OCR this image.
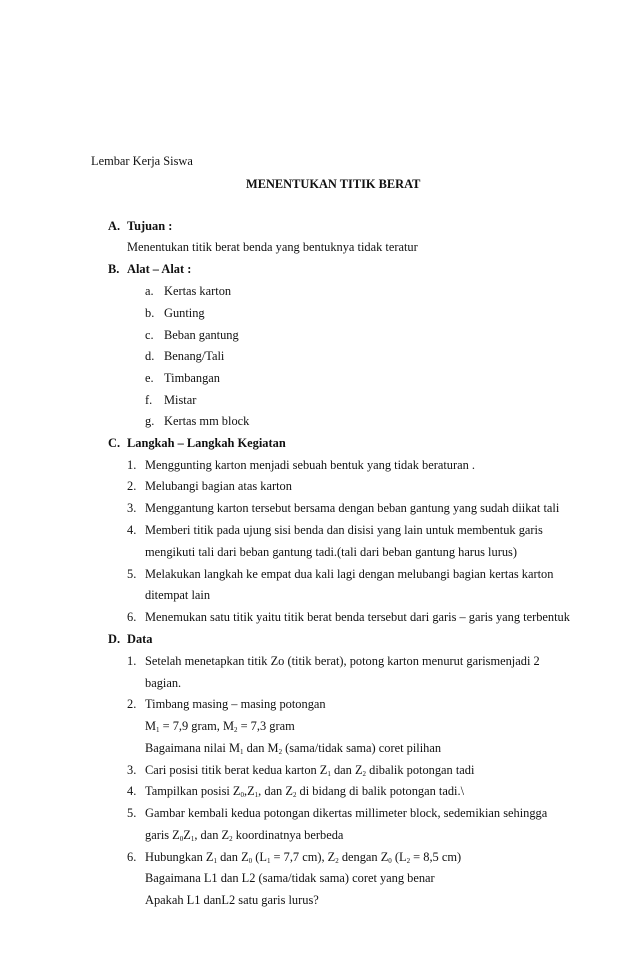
Lembar Kerja Siswa
MENENTUKAN TITIK BERAT
A. Tujuan :
Menentukan titik berat benda yang bentuknya tidak teratur
B. Alat – Alat :
a. Kertas karton
b. Gunting
c. Beban gantung
d. Benang/Tali
e. Timbangan
f. Mistar
g. Kertas mm block
C. Langkah – Langkah Kegiatan
1. Menggunting karton menjadi sebuah bentuk yang tidak beraturan .
2. Melubangi bagian atas karton
3. Menggantung karton tersebut bersama dengan beban gantung yang sudah diikat tali
4. Memberi titik pada ujung sisi benda dan disisi yang lain untuk membentuk garis
mengikuti tali dari beban gantung tadi.(tali dari beban gantung harus lurus)
5. Melakukan langkah ke empat dua kali lagi dengan melubangi bagian kertas karton
ditempat lain
6. Menemukan satu titik yaitu titik berat benda tersebut dari garis – garis yang terbentuk
D. Data
1. Setelah menetapkan titik Zo (titik berat), potong karton menurut garismenjadi 2
bagian.
2. Timbang masing – masing potongan
$M_1 = 7,9$ gram, $M_2 = 7,3$ gram
Bagaimana nilai $M_1$ dan $M_2$ (sama/tidak sama) coret pilihan
3. Cari posisi titik berat kedua karton $Z_1$ dan $Z_2$ dibalik potongan tadi
4. Tampilkan posisi $Z_0,Z_1$, dan $Z_2$ di bidang di balik potongan tadi.\
5. Gambar kembali kedua potongan dikertas millimeter block, sedemikian sehingga
garis $Z_0Z_1$, dan $Z_2$ koordinatnya berbeda
6. Hubungkan $Z_1$ dan $Z_0$ ($L_1 = 7,7$ cm), $Z_2$ dengan $Z_0$ ($L_2 = 8,5$ cm)
Bagaimana L1 dan L2 (sama/tidak sama) coret yang benar
Apakah L1 danL2 satu garis lurus?
